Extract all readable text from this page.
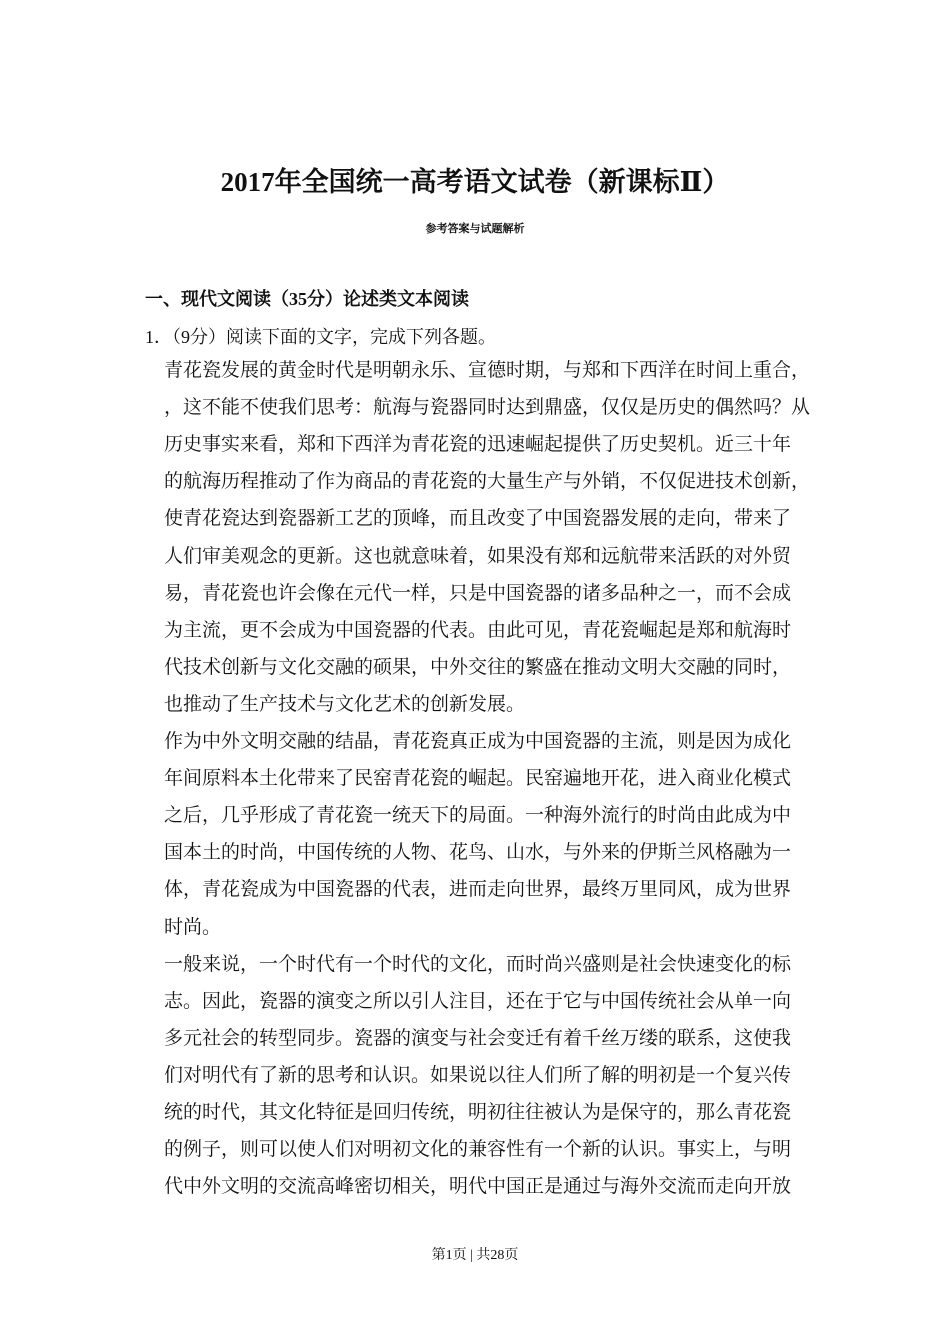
2017年全国统一高考语文试卷（新课标Ⅱ）
参考答案与试题解析
一、现代文阅读（35分）论述类文本阅读
1．（9分）阅读下面的文字，完成下列各题。
青花瓷发展的黄金时代是明朝永乐、宣德时期，与郑和下西洋在时间上重合，
，这不能不使我们思考：航海与瓷器同时达到鼎盛，仅仅是历史的偶然吗？从
历史事实来看，郑和下西洋为青花瓷的迅速崛起提供了历史契机。近三十年
的航海历程推动了作为商品的青花瓷的大量生产与外销，不仅促进技术创新，
使青花瓷达到瓷器新工艺的顶峰，而且改变了中国瓷器发展的走向，带来了
人们审美观念的更新。这也就意味着，如果没有郑和远航带来活跃的对外贸
易，青花瓷也许会像在元代一样，只是中国瓷器的诸多品种之一，而不会成
为主流，更不会成为中国瓷器的代表。由此可见，青花瓷崛起是郑和航海时
代技术创新与文化交融的硕果，中外交往的繁盛在推动文明大交融的同时，
也推动了生产技术与文化艺术的创新发展。
作为中外文明交融的结晶，青花瓷真正成为中国瓷器的主流，则是因为成化
年间原料本土化带来了民窑青花瓷的崛起。民窑遍地开花，进入商业化模式
之后，几乎形成了青花瓷一统天下的局面。一种海外流行的时尚由此成为中
国本土的时尚，中国传统的人物、花鸟、山水，与外来的伊斯兰风格融为一
体，青花瓷成为中国瓷器的代表，进而走向世界，最终万里同风，成为世界
时尚。
一般来说，一个时代有一个时代的文化，而时尚兴盛则是社会快速变化的标
志。因此，瓷器的演变之所以引人注目，还在于它与中国传统社会从单一向
多元社会的转型同步。瓷器的演变与社会变迁有着千丝万缕的联系，这使我
们对明代有了新的思考和认识。如果说以往人们所了解的明初是一个复兴传
统的时代，其文化特征是回归传统，明初往往被认为是保守的，那么青花瓷
的例子，则可以使人们对明初文化的兼容性有一个新的认识。事实上，与明
代中外文明的交流高峰密切相关，明代中国正是通过与海外交流而走向开放
第1页 | 共28页
